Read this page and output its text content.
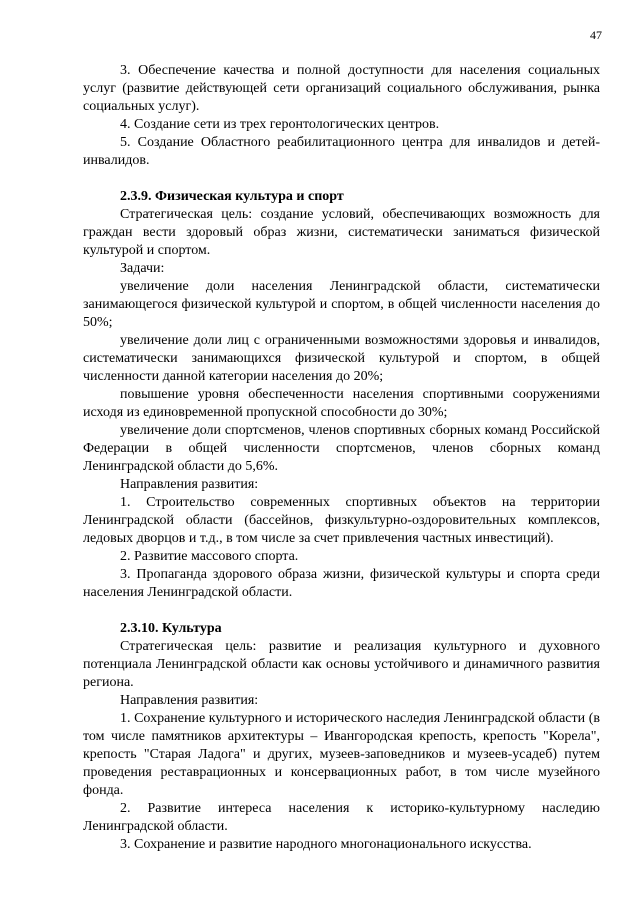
47

3. Обеспечение качества и полной доступности для населения социальных услуг (развитие действующей сети организаций социального обслуживания, рынка социальных услуг).

4. Создание сети из трех геронтологических центров.

5. Создание Областного реабилитационного центра для инвалидов и детей-инвалидов.

2.3.9. Физическая культура и спорт

Стратегическая цель: создание условий, обеспечивающих возможность для граждан вести здоровый образ жизни, систематически заниматься физической культурой и спортом.

Задачи:

увеличение доли населения Ленинградской области, систематически занимающегося физической культурой и спортом, в общей численности населения до 50%;

увеличение доли лиц с ограниченными возможностями здоровья и инвалидов, систематически занимающихся физической культурой и спортом, в общей численности данной категории населения до 20%;

повышение уровня обеспеченности населения спортивными сооружениями исходя из единовременной пропускной способности до 30%;

увеличение доли спортсменов, членов спортивных сборных команд Российской Федерации в общей численности спортсменов, членов сборных команд Ленинградской области до 5,6%.

Направления развития:

1. Строительство современных спортивных объектов на территории Ленинградской области (бассейнов, физкультурно-оздоровительных комплексов, ледовых дворцов и т.д., в том числе за счет привлечения частных инвестиций).

2. Развитие массового спорта.

3. Пропаганда здорового образа жизни, физической культуры и спорта среди населения Ленинградской области.

2.3.10. Культура

Стратегическая цель: развитие и реализация культурного и духовного потенциала Ленинградской области как основы устойчивого и динамичного развития региона.

Направления развития:

1. Сохранение культурного и исторического наследия Ленинградской области (в том числе памятников архитектуры – Ивангородская крепость, крепость "Корела", крепость "Старая Ладога" и других, музеев-заповедников и музеев-усадеб) путем проведения реставрационных и консервационных работ, в том числе музейного фонда.

2. Развитие интереса населения к историко-культурному наследию Ленинградской области.

3. Сохранение и развитие народного многонационального искусства.
